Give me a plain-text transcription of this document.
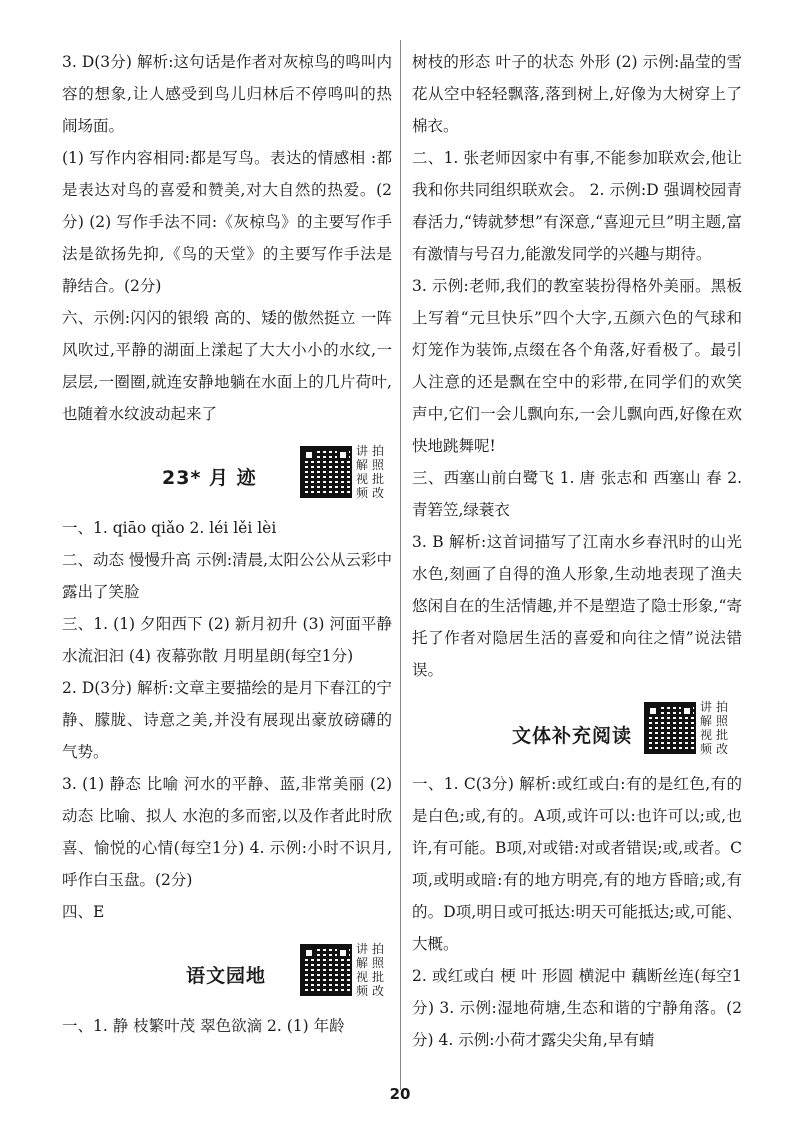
3. D(3分) 解析:这句话是作者对灰椋鸟的鸣叫内容的想象,让人感受到鸟儿归林后不停鸣叫的热闹场面。

(1) 写作内容相同:都是写鸟。表达的情感相 :都是表达对鸟的喜爱和赞美,对大自然的热爱。(2分) (2) 写作手法不同:《灰椋鸟》的主要写作手法是欲扬先抑,《鸟的天堂》的主要写作手法是 静结合。(2分)

六、示例:闪闪的银缎 高的、矮的傲然挺立 一阵风吹过,平静的湖面上漾起了大大小小的水纹,一层层,一圈圈,就连安静地躺在水面上的几片荷叶,也随着水纹波动起来了

23* 月 迹
讲拍解照视批频改

一、1. qiāo qiǎo 2. léi lěi lèi

二、动态 慢慢升高 示例:清晨,太阳公公从云彩中露出了笑脸

三、1. (1) 夕阳西下 (2) 新月初升 (3) 河面平静 水流汩汩 (4) 夜幕弥散 月明星朗(每空1分)

2. D(3分) 解析:文章主要描绘的是月下春江的宁静、朦胧、诗意之美,并没有展现出豪放磅礴的气势。

3. (1) 静态 比喻 河水的平静、蓝,非常美丽 (2) 动态 比喻、拟人 水泡的多而密,以及作者此时欣喜、愉悦的心情(每空1分) 4. 示例:小时不识月,呼作白玉盘。(2分)

四、E

语文园地
讲拍解照视批频改

一、1. 静 枝繁叶茂 翠色欲滴 2. (1) 年龄

树枝的形态 叶子的状态 外形 (2) 示例:晶莹的雪花从空中轻轻飘落,落到树上,好像为大树穿上了棉衣。

二、1. 张老师因家中有事,不能参加联欢会,他让我和你共同组织联欢会。 2. 示例:D 强调校园青春活力,“铸就梦想”有深意,“喜迎元旦”明主题,富有激情与号召力,能激发同学的兴趣与期待。

3. 示例:老师,我们的教室装扮得格外美丽。黑板上写着“元旦快乐”四个大字,五颜六色的气球和灯笼作为装饰,点缀在各个角落,好看极了。最引人注意的还是飘在空中的彩带,在同学们的欢笑声中,它们一会儿飘向东,一会儿飘向西,好像在欢快地跳舞呢!

三、西塞山前白鹭飞 1. 唐 张志和 西塞山 春 2. 青箬笠,绿蓑衣

3. B 解析:这首词描写了江南水乡春汛时的山光水色,刻画了自得的渔人形象,生动地表现了渔夫悠闲自在的生活情趣,并不是塑造了隐士形象,“寄托了作者对隐居生活的喜爱和向往之情”说法错误。

文体补充阅读
讲拍解照视批频改

一、1. C(3分) 解析:或红或白:有的是红色,有的是白色;或,有的。A项,或许可以:也许可以;或,也许,有可能。B项,对或错:对或者错误;或,或者。C项,或明或暗:有的地方明亮,有的地方昏暗;或,有的。D项,明日或可抵达:明天可能抵达;或,可能、大概。

2. 或红或白 梗 叶 形圆 横泥中 藕断丝连(每空1分) 3. 示例:湿地荷塘,生态和谐的宁静角落。(2分) 4. 示例:小荷才露尖尖角,早有蜻

20
